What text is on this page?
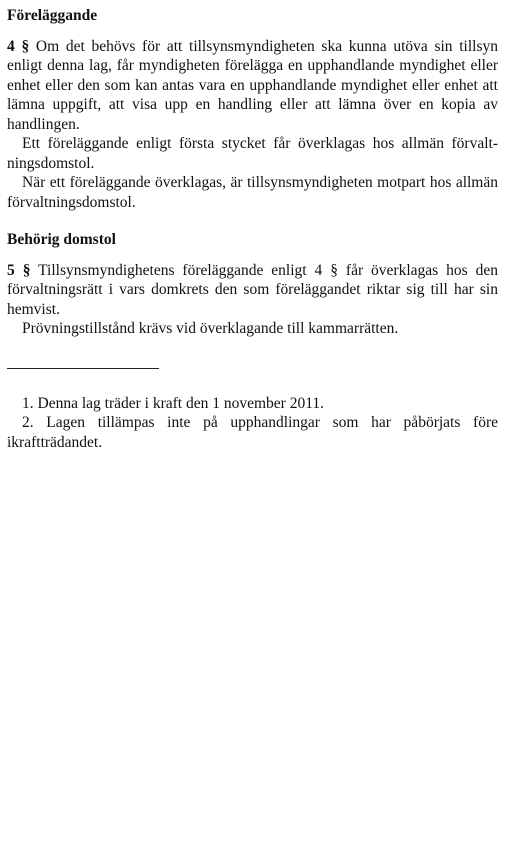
Föreläggande

4 § Om det behövs för att tillsynsmyndigheten ska kunna utöva sin tillsyn enligt denna lag, får myndigheten förelägga en upphandlande myndighet eller enhet eller den som kan antas vara en upphandlande myndighet eller enhet att lämna uppgift, att visa upp en handling eller att lämna över en kopia av handlingen.

Ett föreläggande enligt första stycket får överklagas hos allmän förvaltningsdomstol.

När ett föreläggande överklagas, är tillsynsmyndigheten motpart hos allmän förvaltningsdomstol.

Behörig domstol

5 § Tillsynsmyndighetens föreläggande enligt 4 § får överklagas hos den förvaltningsrätt i vars domkrets den som föreläggandet riktar sig till har sin hemvist.

Prövningstillstånd krävs vid överklagande till kammarrätten.

1. Denna lag träder i kraft den 1 november 2011.

2. Lagen tillämpas inte på upphandlingar som har påbörjats före ikraftträdandet.
